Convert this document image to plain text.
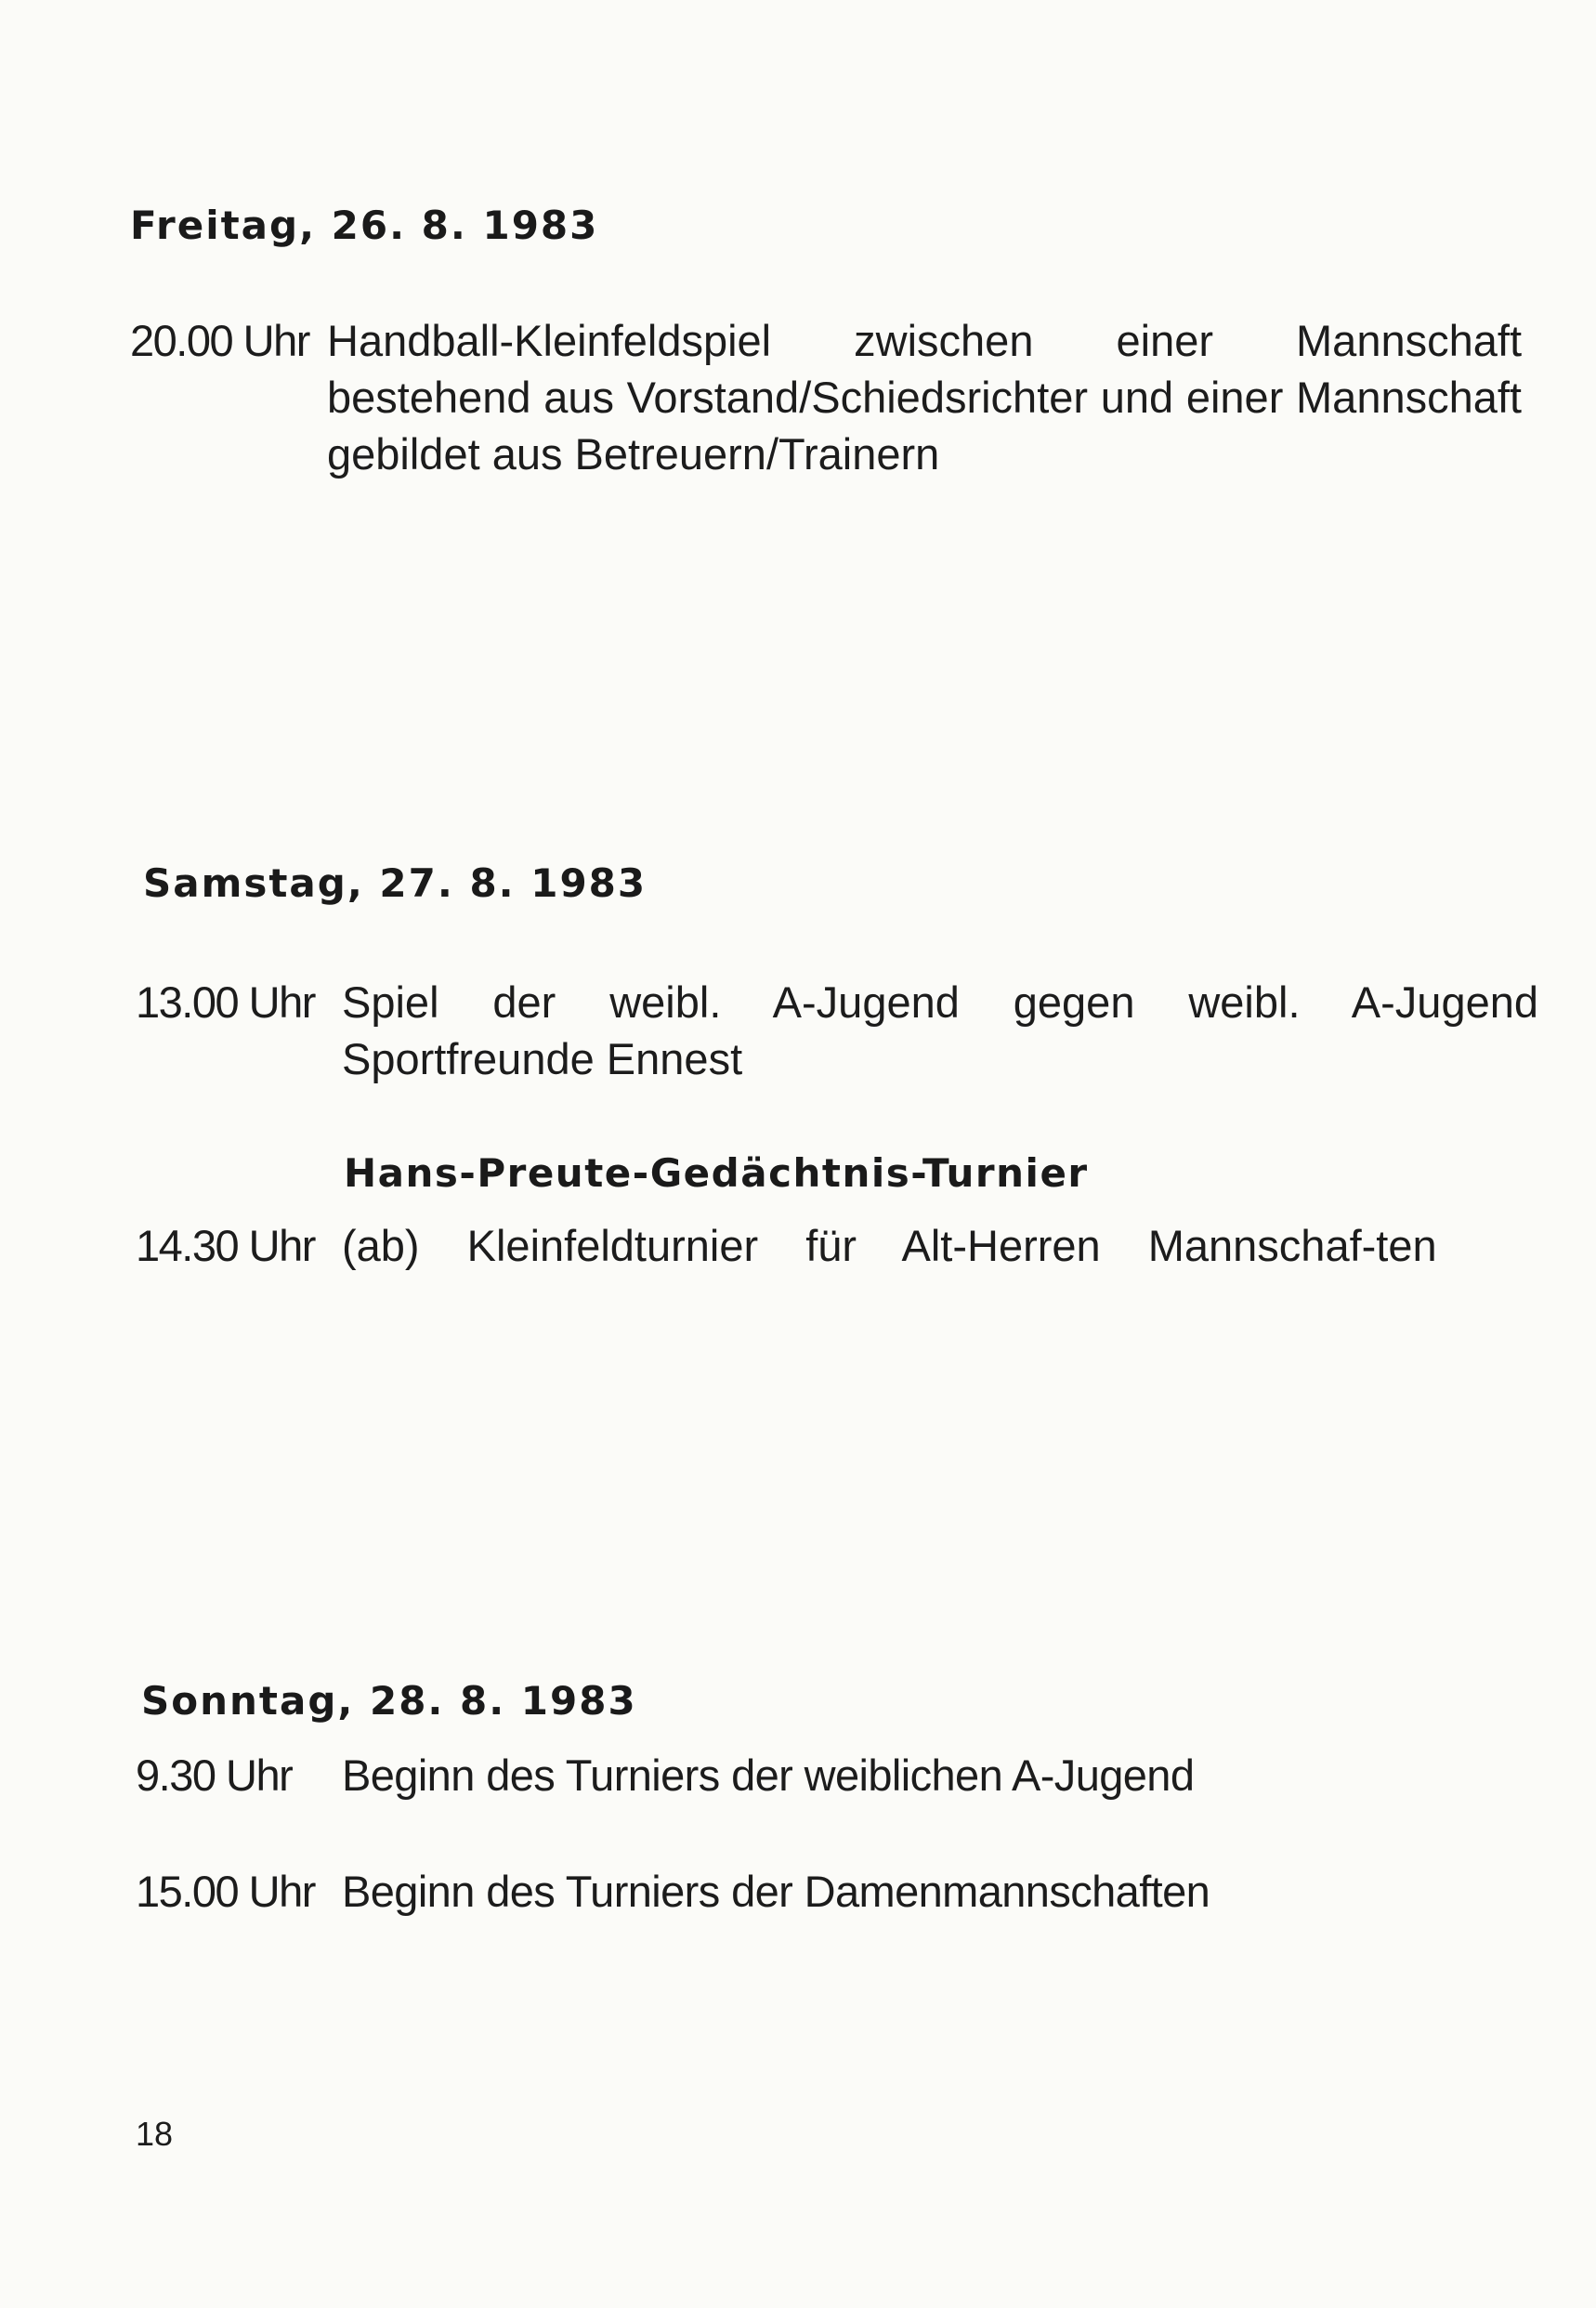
Freitag, 26. 8. 1983
20.00 Uhr Handball-Kleinfeldspiel zwischen einer Mannschaft bestehend aus Vorstand/Schiedsrichter und einer Mannschaft gebildet aus Betreuern/Trainern
Samstag, 27. 8. 1983
13.00 Uhr Spiel der weibl. A-Jugend gegen weibl. A-Jugend Sportfreunde Ennest
Hans-Preute-Gedächtnis-Turnier
14.30 Uhr (ab) Kleinfeldturnier für Alt-Herren Mannschaf-ten
Sonntag, 28. 8. 1983
9.30 Uhr Beginn des Turniers der weiblichen A-Jugend
15.00 Uhr Beginn des Turniers der Damenmannschaften
18
